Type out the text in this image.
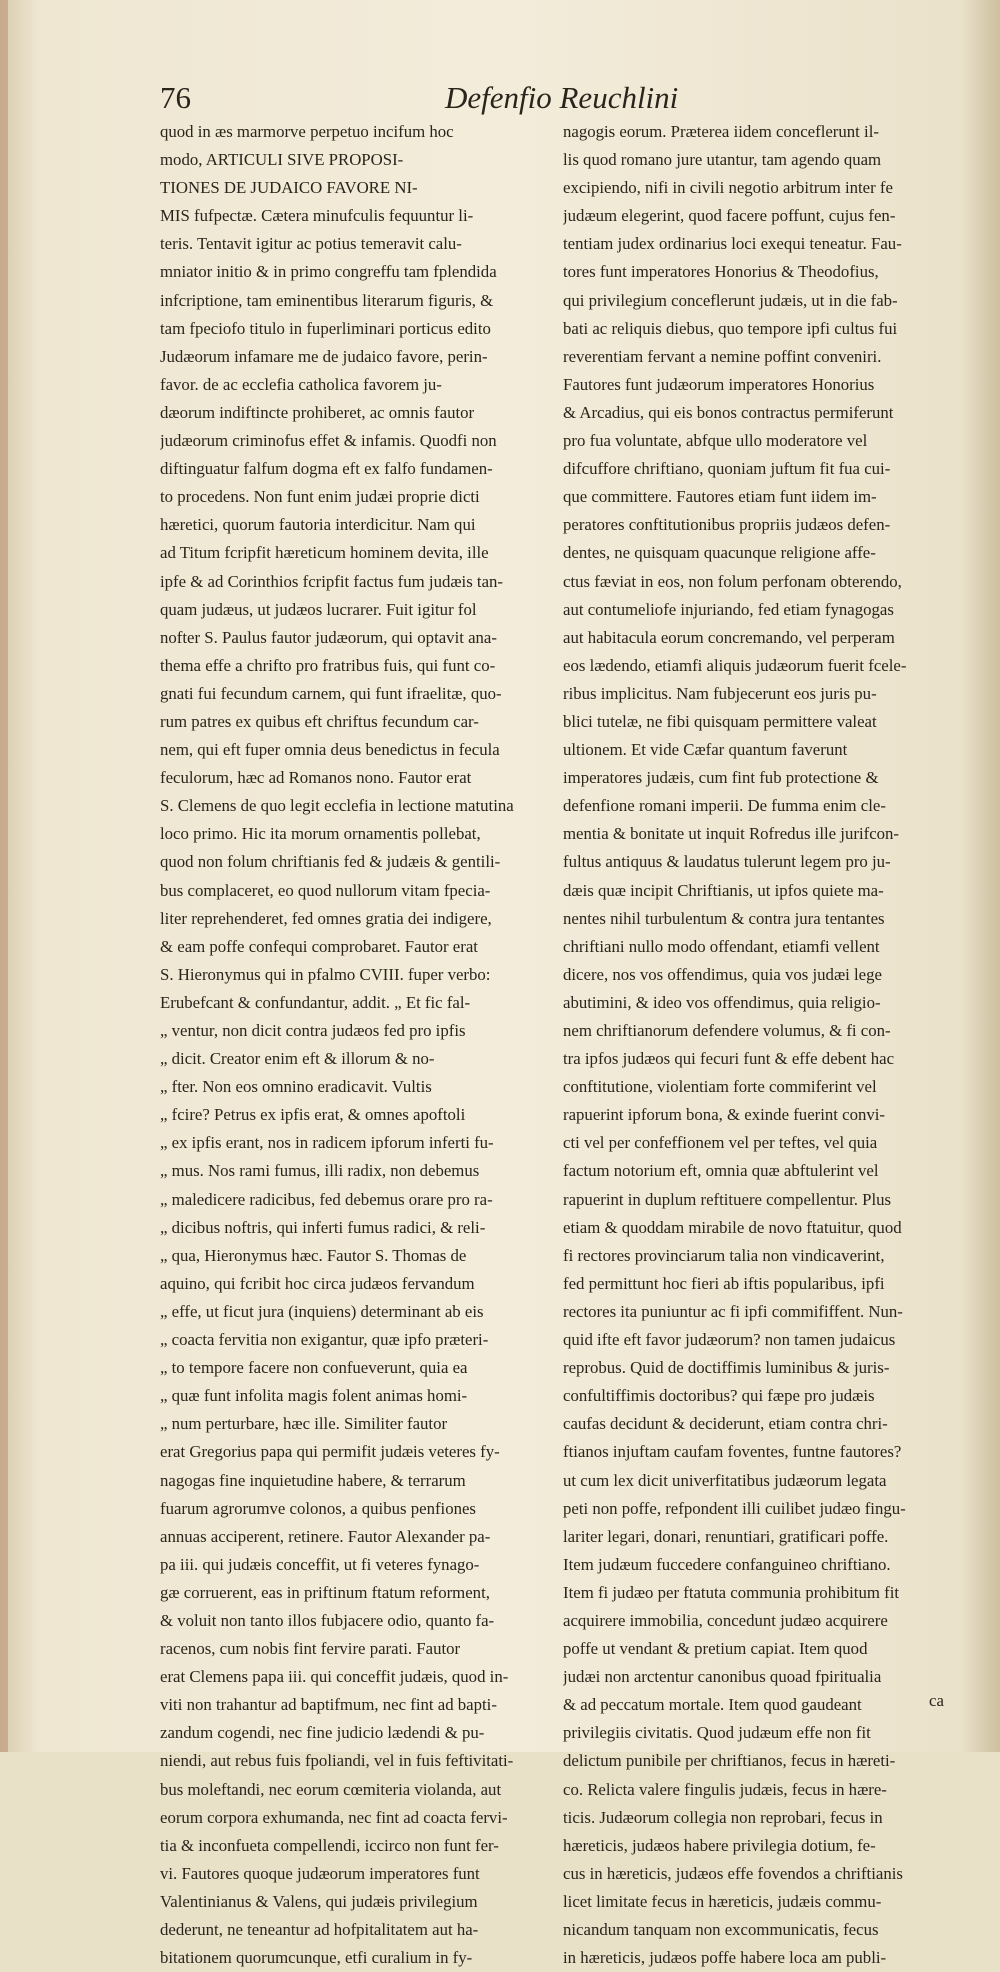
76	Defenfio Reuchlini
quod in æs marmorve perpetuo incifum hoc
modo, ARTICULI SIVE PROPOSI-
TIONES DE JUDAICO FAVORE NI-
MIS fufpectæ. Cætera minufculis fequuntur li-
teris. Tentavit igitur ac potius temeravit calu-
mniator initio & in primo congreffu tam fplendida
infcriptione, tam eminentibus literarum figuris, &
tam fpeciofo titulo in fuperliminari porticus edito
Judæorum infamare me de judaico favore, perin-
favor. de ac ecclefia catholica favorem ju-
dæorum indiftincte prohiberet, ac omnis fautor
judæorum criminofus effet & infamis. Quodfi non
diftinguatur falfum dogma eft ex falfo fundamen-
to procedens. Non funt enim judæi proprie dicti
hæretici, quorum fautoria interdicitur. Nam qui
ad Titum fcripfit hæreticum hominem devita, ille
ipfe & ad Corinthios fcripfit factus fum judæis tan-
quam judæus, ut judæos lucrarer. Fuit igitur fol
nofter S. Paulus fautor judæorum, qui optavit ana-
thema effe a chrifto pro fratribus fuis, qui funt co-
gnati fui fecundum carnem, qui funt ifraelitæ, quo-
rum patres ex quibus eft chriftus fecundum car-
nem, qui eft fuper omnia deus benedictus in fecula
feculorum, hæc ad Romanos nono. Fautor erat
S. Clemens de quo legit ecclefia in lectione matutina
loco primo. Hic ita morum ornamentis pollebat,
quod non folum chriftianis fed & judæis & gentili-
bus complaceret, eo quod nullorum vitam fpecia-
liter reprehenderet, fed omnes gratia dei indigere,
& eam poffe confequi comprobaret. Fautor erat
S. Hieronymus qui in pfalmo CVIII. fuper verbo:
Erubefcant & confundantur, addit. „ Et fic fal-
„ ventur, non dicit contra judæos fed pro ipfis
„ dicit. Creator enim eft & illorum & no-
„ fter. Non eos omnino eradicavit. Vultis
„ fcire? Petrus ex ipfis erat, & omnes apoftoli
„ ex ipfis erant, nos in radicem ipforum inferti fu-
„ mus. Nos rami fumus, illi radix, non debemus
„ maledicere radicibus, fed debemus orare pro ra-
„ dicibus noftris, qui inferti fumus radici, & reli-
„ qua, Hieronymus hæc. Fautor S. Thomas de
aquino, qui fcribit hoc circa judæos fervandum
„ effe, ut ficut jura (inquiens) determinant ab eis
„ coacta fervitia non exigantur, quæ ipfo præteri-
„ to tempore facere non confueverunt, quia ea
„ quæ funt infolita magis folent animas homi-
„ num perturbare, hæc ille. Similiter fautor
erat Gregorius papa qui permifit judæis veteres fy-
nagogas fine inquietudine habere, & terrarum
fuarum agrorumve colonos, a quibus penfiones
annuas acciperent, retinere. Fautor Alexander pa-
pa iii. qui judæis conceffit, ut fi veteres fynago-
gæ corruerent, eas in priftinum ftatum reforment,
& voluit non tanto illos fubjacere odio, quanto fa-
racenos, cum nobis fint fervire parati. Fautor
erat Clemens papa iii. qui conceffit judæis, quod in-
viti non trahantur ad baptifmum, nec fint ad bapti-
zandum cogendi, nec fine judicio lædendi & pu-
niendi, aut rebus fuis fpoliandi, vel in fuis feftivitati-
bus moleftandi, nec eorum cœmiteria violanda, aut
eorum corpora exhumanda, nec fint ad coacta fervi-
tia & inconfueta compellendi, iccirco non funt fer-
vi. Fautores quoque judæorum imperatores funt
Valentinianus & Valens, qui judæis privilegium
dederunt, ne teneantur ad hofpitalitatem aut ha-
bitationem quorumcunque, etfi curalium in fy-
nagogis eorum. Præterea iidem conceflerunt il-
lis quod romano jure utantur, tam agendo quam
excipiendo, nifi in civili negotio arbitrum inter fe
judæum elegerint, quod facere poffunt, cujus fen-
tentiam judex ordinarius loci exequi teneatur. Fau-
tores funt imperatores Honorius & Theodofius,
qui privilegium conceflerunt judæis, ut in die fab-
bati ac reliquis diebus, quo tempore ipfi cultus fui
reverentiam fervant a nemine poffint conveniri.
Fautores funt judæorum imperatores Honorius
& Arcadius, qui eis bonos contractus permiferunt
pro fua voluntate, abfque ullo moderatore vel
difcuffore chriftiano, quoniam juftum fit fua cui-
que committere. Fautores etiam funt iidem im-
peratores conftitutionibus propriis judæos defen-
dentes, ne quisquam quacunque religione affe-
ctus fæviat in eos, non folum perfonam obterendo,
aut contumeliofe injuriando, fed etiam fynagogas
aut habitacula eorum concremando, vel perperam
eos lædendo, etiamfi aliquis judæorum fuerit fcele-
ribus implicitus. Nam fubjecerunt eos juris pu-
blici tutelæ, ne fibi quisquam permittere valeat
ultionem. Et vide Cæfar quantum faverunt
imperatores judæis, cum fint fub protectione &
defenfione romani imperii. De fumma enim cle-
mentia & bonitate ut inquit Rofredus ille jurifcon-
fultus antiquus & laudatus tulerunt legem pro ju-
dæis quæ incipit Chriftianis, ut ipfos quiete ma-
nentes nihil turbulentum & contra jura tentantes
chriftiani nullo modo offendant, etiamfi vellent
dicere, nos vos offendimus, quia vos judæi lege
abutimini, & ideo vos offendimus, quia religio-
nem chriftianorum defendere volumus, & fi con-
tra ipfos judæos qui fecuri funt & effe debent hac
conftitutione, violentiam forte commiferint vel
rapuerint ipforum bona, & exinde fuerint convi-
cti vel per confeffionem vel per teftes, vel quia
factum notorium eft, omnia quæ abftulerint vel
rapuerint in duplum reftituere compellentur. Plus
etiam & quoddam mirabile de novo ftatuitur, quod
fi rectores provinciarum talia non vindicaverint,
fed permittunt hoc fieri ab iftis popularibus, ipfi
rectores ita puniuntur ac fi ipfi commififfent. Nun-
quid ifte eft favor judæorum? non tamen judaicus
reprobus. Quid de doctiffimis luminibus & juris-
confultiffimis doctoribus? qui fæpe pro judæis
caufas decidunt & deciderunt, etiam contra chri-
ftianos injuftam caufam foventes, funtne fautores?
ut cum lex dicit univerfitatibus judæorum legata
peti non poffe, refpondent illi cuilibet judæo fingu-
lariter legari, donari, renuntiari, gratificari poffe.
Item judæum fuccedere confanguineo chriftiano.
Item fi judæo per ftatuta communia prohibitum fit
acquirere immobilia, concedunt judæo acquirere
poffe ut vendant & pretium capiat. Item quod
judæi non arctentur canonibus quoad fpiritualia
& ad peccatum mortale. Item quod gaudeant
privilegiis civitatis. Quod judæum effe non fit
delictum punibile per chriftianos, fecus in hæreti-
co. Relicta valere fingulis judæis, fecus in hære-
ticis. Judæorum collegia non reprobari, fecus in
hæreticis, judæos habere privilegia dotium, fe-
cus in hæreticis, judæos effe fovendos a chriftianis
licet limitate fecus in hæreticis, judæis commu-
nicandum tanquam non excommunicatis, fecus
in hæreticis, judæos poffe habere loca am publi-
ca
